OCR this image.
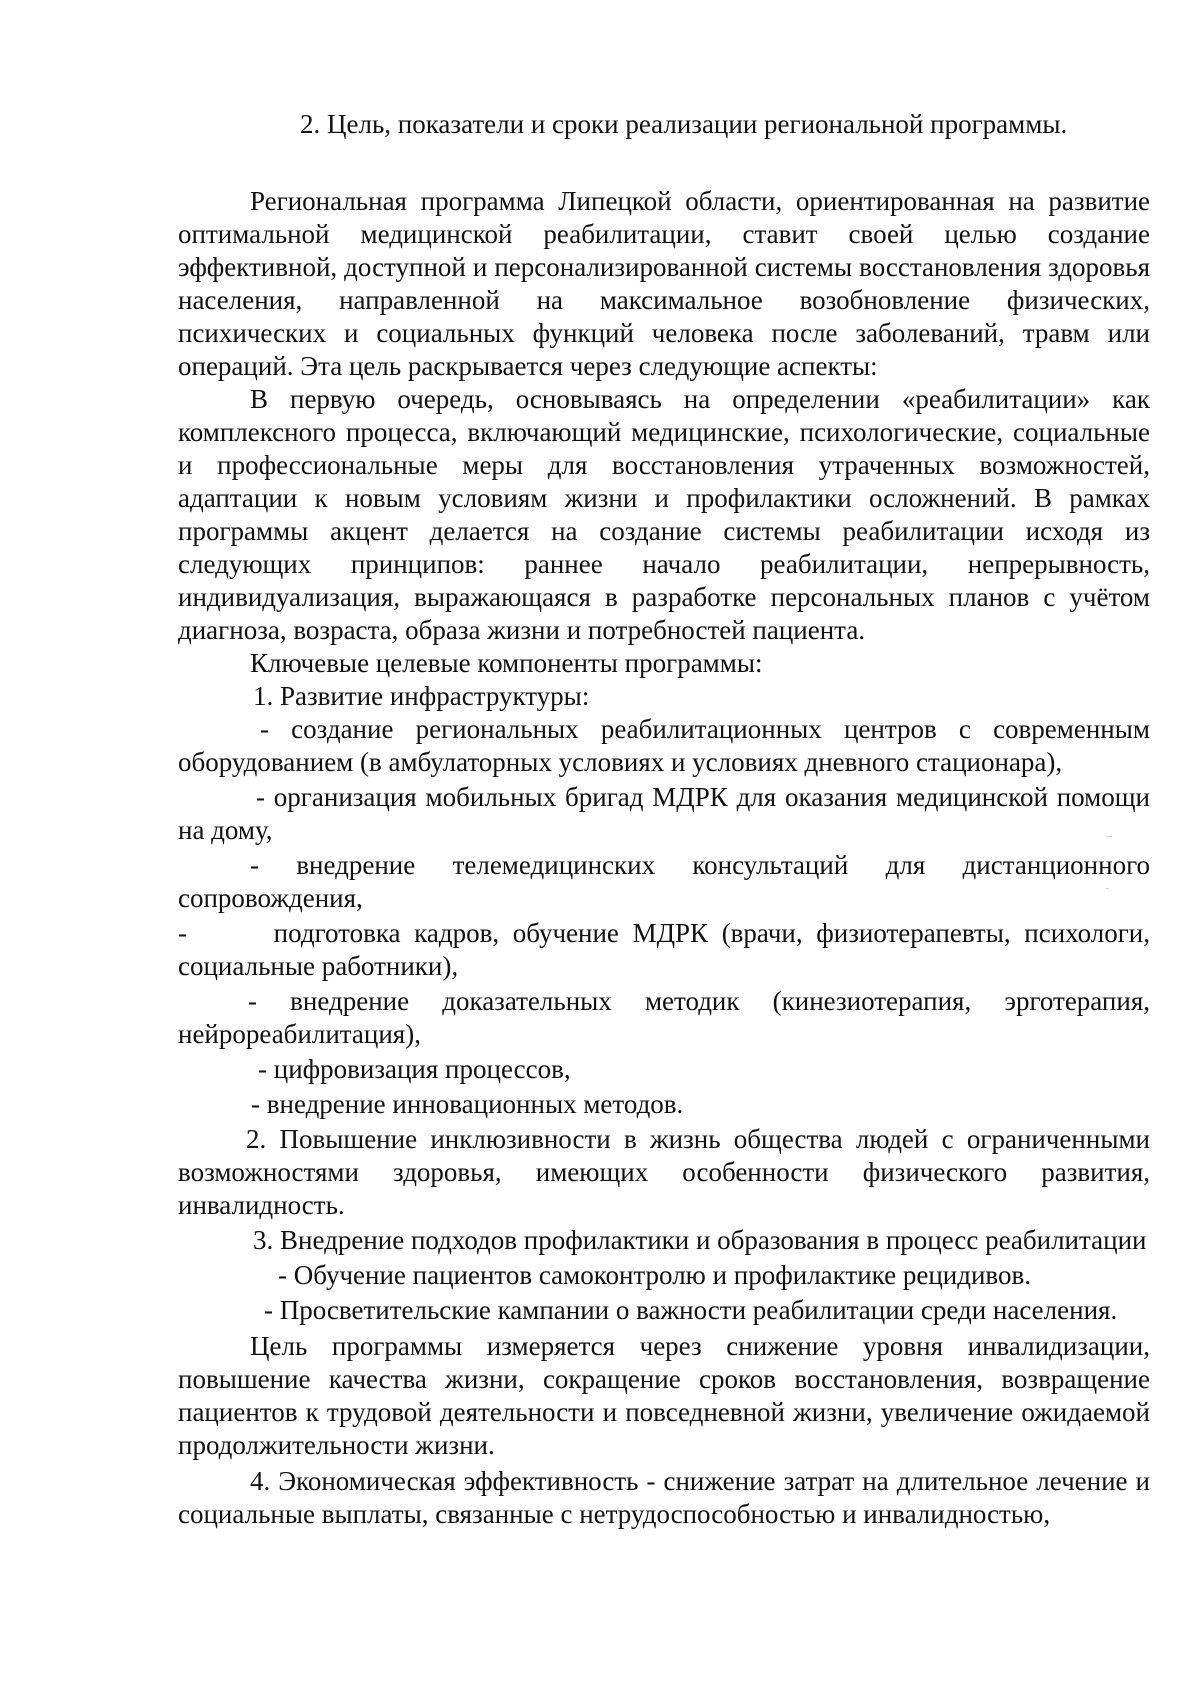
2. Цель, показатели и сроки реализации региональной программы.

Региональная программа Липецкой области, ориентированная на развитие оптимальной медицинской реабилитации, ставит своей целью создание эффективной, доступной и персонализированной системы восстановления здоровья населения, направленной на максимальное возобновление физических, психических и социальных функций человека после заболеваний, травм или операций. Эта цель раскрывается через следующие аспекты:

В первую очередь, основываясь на определении «реабилитации» как комплексного процесса, включающий медицинские, психологические, социальные и профессиональные меры для восстановления утраченных возможностей, адаптации к новым условиям жизни и профилактики осложнений. В рамках программы акцент делается на создание системы реабилитации исходя из следующих принципов: раннее начало реабилитации, непрерывность, индивидуализация, выражающаяся в разработке персональных планов с учётом диагноза, возраста, образа жизни и потребностей пациента.

Ключевые целевые компоненты программы:

1. Развитие инфраструктуры:

- создание региональных реабилитационных центров с современным оборудованием (в амбулаторных условиях и условиях дневного стационара),

- организация мобильных бригад МДРК для оказания медицинской помощи на дому,

- внедрение телемедицинских консультаций для дистанционного сопровождения,

-	подготовка кадров, обучение МДРК (врачи, физиотерапевты, психологи, социальные работники),

- внедрение доказательных методик (кинезиотерапия, эрготерапия, нейрореабилитация),

- цифровизация процессов,

- внедрение инновационных методов.

2. Повышение инклюзивности в жизнь общества людей с ограниченными возможностями здоровья, имеющих особенности физического развития, инвалидность.

3. Внедрение подходов профилактики и образования в процесс реабилитации

- Обучение пациентов самоконтролю и профилактике рецидивов.

- Просветительские кампании о важности реабилитации среди населения.

Цель программы измеряется через снижение уровня инвалидизации, повышение качества жизни, сокращение сроков восстановления, возвращение пациентов к трудовой деятельности и повседневной жизни, увеличение ожидаемой продолжительности жизни.

4. Экономическая эффективность - снижение затрат на длительное лечение и социальные выплаты, связанные с нетрудоспособностью и инвалидностью,
